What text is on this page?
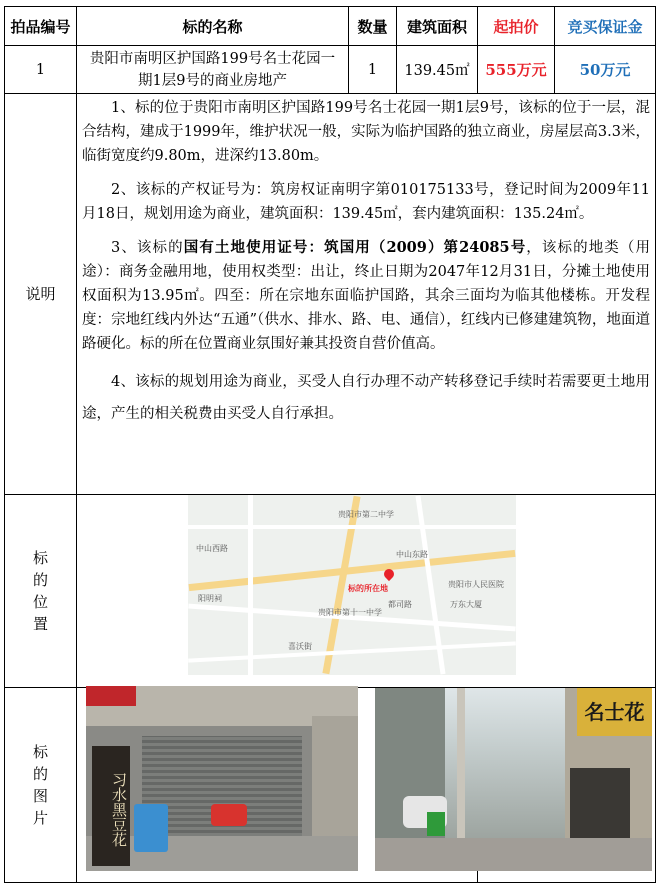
拍品编号	标的名称	数量	建筑面积	起拍价	竞买保证金
1	贵阳市南明区护国路199号名士花园一期1层9号的商业房地产	1	139.45㎡	555万元	50万元

说明	1、标的位于贵阳市南明区护国路199号名士花园一期1层9号，该标的位于一层，混合结构，建成于1999年，维护状况一般，实际为临护国路的独立商业，房屋层高3.3米，临街宽度约9.80m，进深约13.80m。

2、该标的产权证号为：筑房权证南明字第010175133号，登记时间为2009年11月18日，规划用途为商业，建筑面积：139.45㎡，套内建筑面积：135.24㎡。

3、该标的国有土地使用证号：筑国用（2009）第24085号，该标的地类（用途）：商务金融用地，使用权类型：出让，终止日期为2047年12月31日，分摊土地使用权面积为13.95㎡。四至：所在宗地东面临护国路，其余三面均为临其他楼栋。开发程度：宗地红线内外达“五通”（供水、排水、路、电、通信），红线内已修建建筑物，地面道路硬化。标的所在位置商业氛围好兼其投资自营价值高。

4、该标的规划用途为商业，买受人自行办理不动产转移登记手续时若需要更土地用途，产生的相关税费由买受人自行承担。				

标的位置					

标的图片					

贵阳市第二中学
中山西路
中山东路
都司路
喜沃街
贵阳市人民医院
万东大厦
阳明祠
贵阳市第十一中学
标的所在地
习水黑豆花
名士花
